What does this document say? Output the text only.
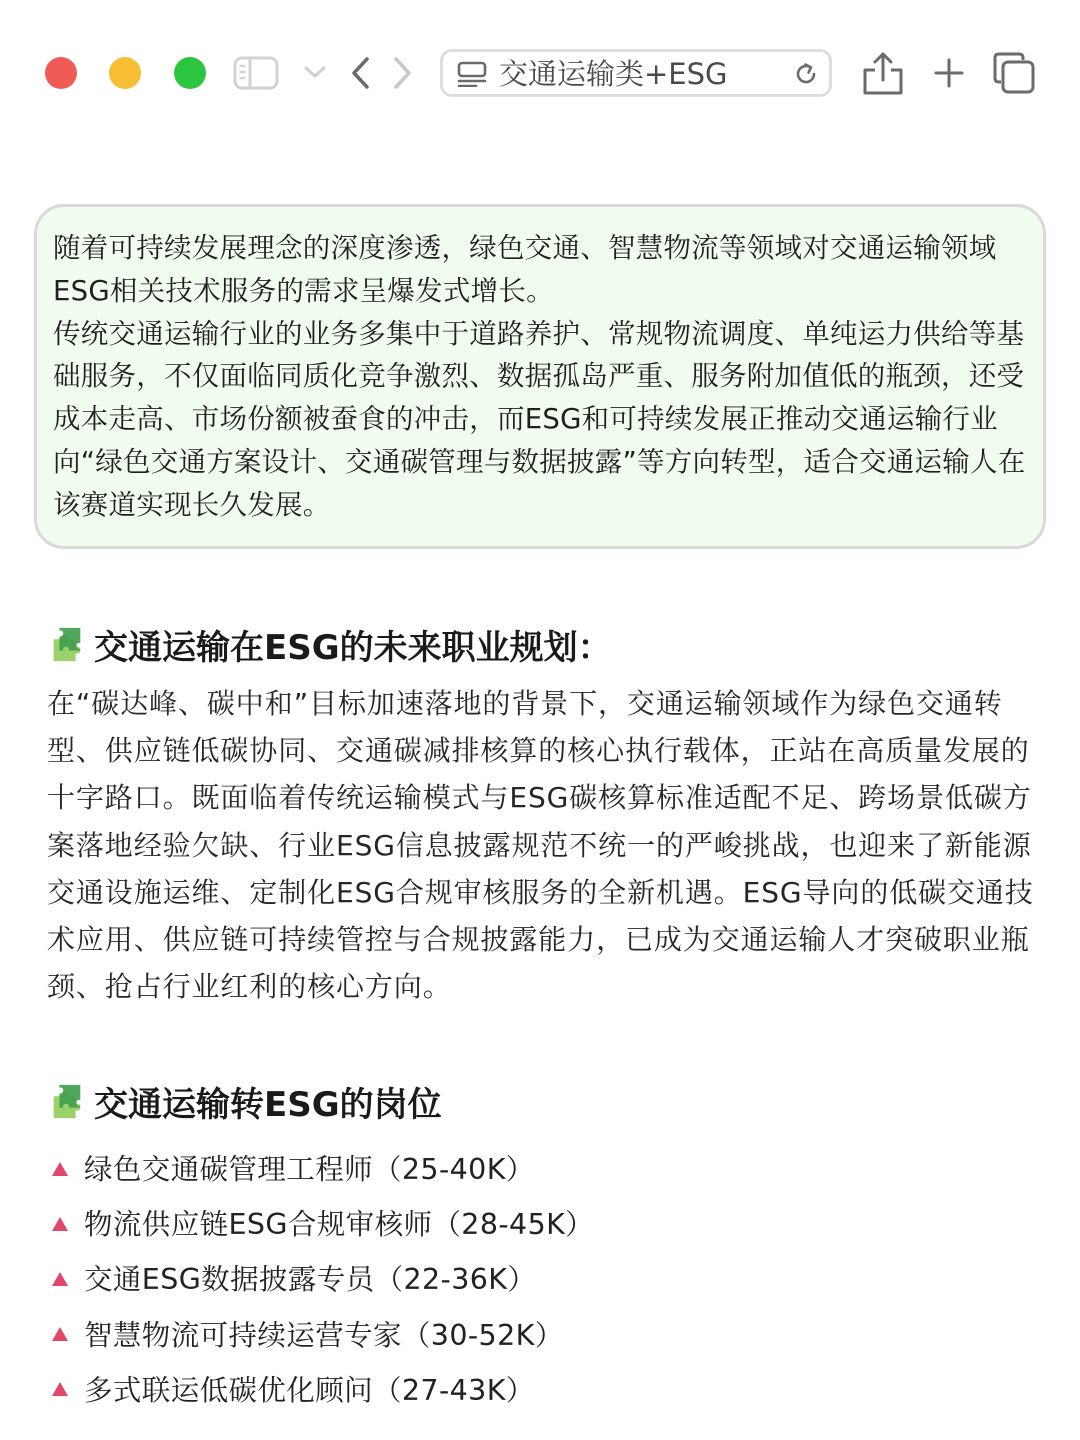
交通运输类+ESG

随着可持续发展理念的深度渗透，绿色交通、智慧物流等领域对交通运输领域ESG相关技术服务的需求呈爆发式增长。

传统交通运输行业的业务多集中于道路养护、常规物流调度、单纯运力供给等基础服务，不仅面临同质化竞争激烈、数据孤岛严重、服务附加值低的瓶颈，还受成本走高、市场份额被蚕食的冲击，而ESG和可持续发展正推动交通运输行业向“绿色交通方案设计、交通碳管理与数据披露”等方向转型，适合交通运输人在该赛道实现长久发展。

交通运输在ESG的未来职业规划：

在“碳达峰、碳中和”目标加速落地的背景下，交通运输领域作为绿色交通转型、供应链低碳协同、交通碳减排核算的核心执行载体，正站在高质量发展的十字路口。既面临着传统运输模式与ESG碳核算标准适配不足、跨场景低碳方案落地经验欠缺、行业ESG信息披露规范不统一的严峻挑战，也迎来了新能源交通设施运维、定制化ESG合规审核服务的全新机遇。ESG导向的低碳交通技术应用、供应链可持续管控与合规披露能力，已成为交通运输人才突破职业瓶颈、抢占行业红利的核心方向。

交通运输转ESG的岗位
绿色交通碳管理工程师（25-40K）
物流供应链ESG合规审核师（28-45K）
交通ESG数据披露专员（22-36K）
智慧物流可持续运营专家（30-52K）
多式联运低碳优化顾问（27-43K）
